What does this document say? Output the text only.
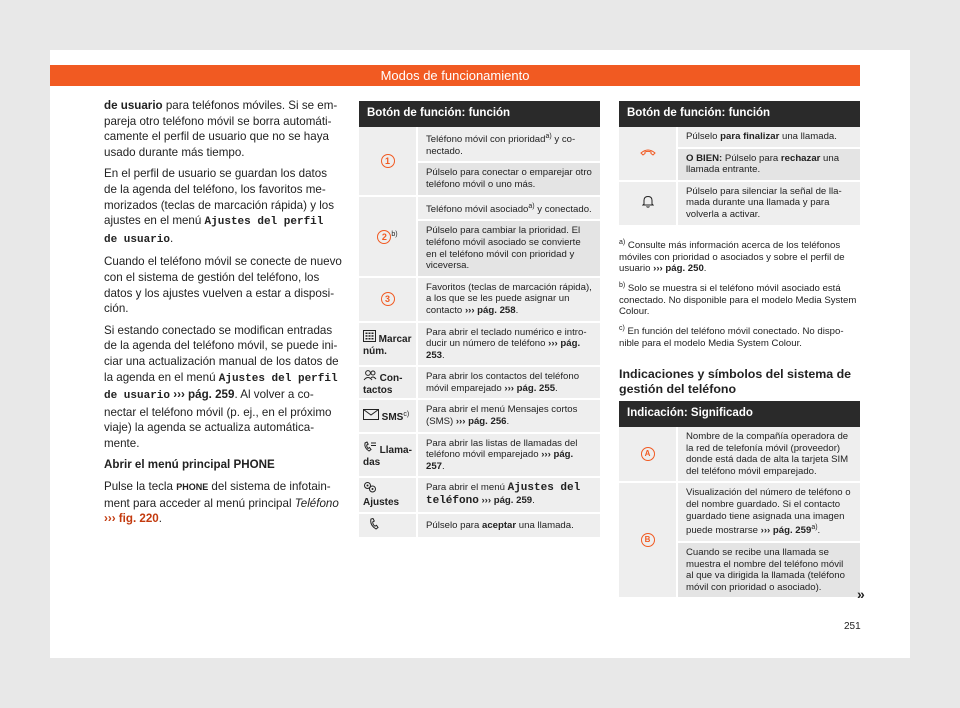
Modos de funcionamiento

de usuario para teléfonos móviles. Si se empareja otro teléfono móvil se borra automáticamente el perfil de usuario que no se haya usado durante más tiempo.

En el perfil de usuario se guardan los datos de la agenda del teléfono, los favoritos memorizados (teclas de marcación rápida) y los ajustes en el menú Ajustes del perfil de usuario.

Cuando el teléfono móvil se conecte de nuevo con el sistema de gestión del teléfono, los datos y los ajustes vuelven a estar a disposición.

Si estando conectado se modifican entradas de la agenda del teléfono móvil, se puede iniciar una actualización manual de los datos de la agenda en el menú Ajustes del perfil de usuario ››› pág. 259. Al volver a conectar el teléfono móvil (p. ej., en el próximo viaje) la agenda se actualiza automáticamente.

Abrir el menú principal PHONE

Pulse la tecla PHONE del sistema de infotainment para acceder al menú principal Teléfono ››› fig. 220.

Botón de función: función	
1	Teléfono móvil con prioridad$^{a)}$ y conectado.
	Púlselo para conectar o emparejar otro teléfono móvil o uno más.
2 $^{b)}$	Teléfono móvil asociado$^{a)}$ y conectado.
	Púlselo para cambiar la prioridad. El teléfono móvil asociado se convierte en el teléfono móvil con prioridad y viceversa.
3	Favoritos (teclas de marcación rápida), a los que se les puede asignar un contacto ››› pág. 258.
Marcar núm.	Para abrir el teclado numérico e introducir un número de teléfono ››› pág. 253.
Contactos	Para abrir los contactos del teléfono móvil emparejado ››› pág. 255.
SMS$^{c)}$	Para abrir el menú Mensajes cortos (SMS) ››› pág. 256.
Llamadas	Para abrir las listas de llamadas del teléfono móvil emparejado ››› pág. 257.
Ajustes	Para abrir el menú Ajustes del teléfono ››› pág. 259.
	Púlselo para aceptar una llamada.
Botón de función: función	
	Púlselo para finalizar una llamada.
	O BIEN: Púlselo para rechazar una llamada entrante.
	Púlselo para silenciar la señal de llamada durante una llamada y para volverla a activar.

$^{a)}$ Consulte más información acerca de los teléfonos móviles con prioridad o asociados y sobre el perfil de usuario ››› pág. 250.

$^{b)}$ Solo se muestra si el teléfono móvil asociado está conectado. No disponible para el modelo Media System Colour.

$^{c)}$ En función del teléfono móvil conectado. No disponible para el modelo Media System Colour.

Indicaciones y símbolos del sistema de gestión del teléfono
Indicación: Significado	
A	Nombre de la compañía operadora de la red de telefonía móvil (proveedor) donde está dada de alta la tarjeta SIM del teléfono móvil emparejado.
B	Visualización del número de teléfono o del nombre guardado. Si el contacto guardado tiene asignada una imagen puede mostrarse ››› pág. 259$^{a)}$.
	Cuando se recibe una llamada se muestra el nombre del teléfono móvil al que va dirigida la llamada (teléfono móvil con prioridad o asociado).	»
251
